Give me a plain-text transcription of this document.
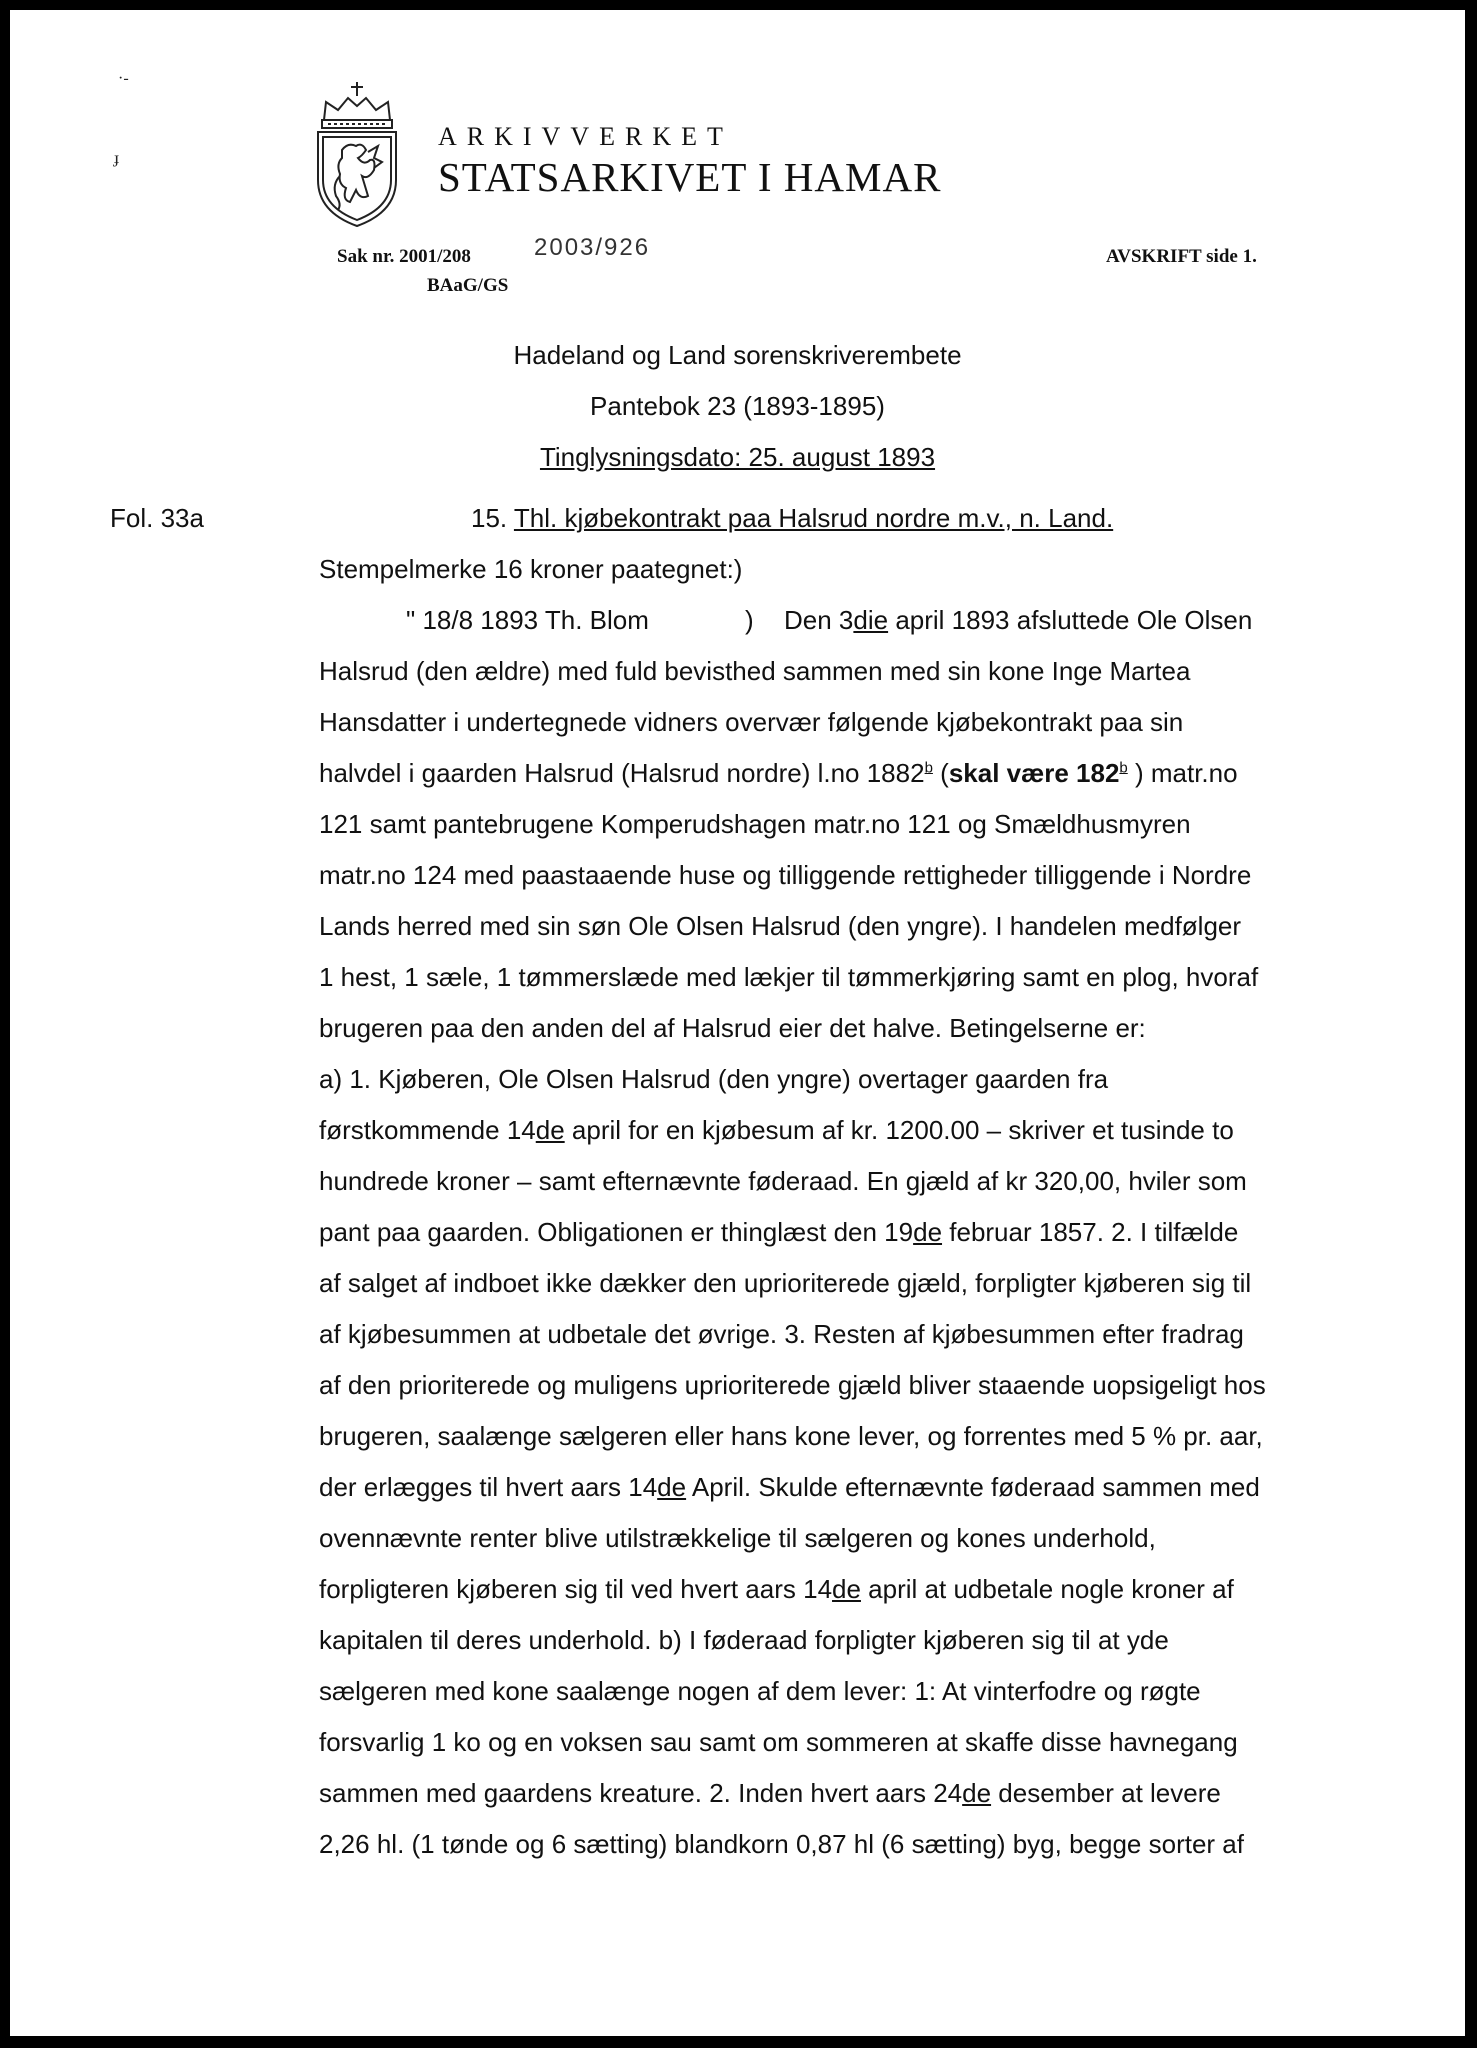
·-
ɟ
ARKIVVERKET
STATSARKIVET I HAMAR
Sak nr. 2001/208	2003/926
BAaG/GS
AVSKRIFT side 1.
Hadeland og Land sorenskriverembete
Pantebok 23 (1893-1895)
Tinglysningsdato: 25. august 1893
Fol. 33a	15. Thl. kjøbekontrakt paa Halsrud nordre m.v., n. Land.
Stempelmerke 16 kroner paategnet:)
" 18/8 1893 Th. Blom	) Den 3die april 1893 afsluttede Ole Olsen
Halsrud (den ældre) med fuld bevisthed sammen med sin kone Inge Martea
Hansdatter i undertegnede vidners overvær følgende kjøbekontrakt paa sin
halvdel i gaarden Halsrud (Halsrud nordre) l.no 1882$^b$ (skal være 182$^b$ ) matr.no
121 samt pantebrugene Komperudshagen matr.no 121 og Smældhusmyren
matr.no 124 med paastaaende huse og tilliggende rettigheder tilliggende i Nordre
Lands herred med sin søn Ole Olsen Halsrud (den yngre). I handelen medfølger
1 hest, 1 sæle, 1 tømmerslæde med lækjer til tømmerkjøring samt en plog, hvoraf
brugeren paa den anden del af Halsrud eier det halve. Betingelserne er:
a) 1. Kjøberen, Ole Olsen Halsrud (den yngre) overtager gaarden fra
førstkommende 14de april for en kjøbesum af kr. 1200.00 – skriver et tusinde to
hundrede kroner – samt efternævnte føderaad. En gjæld af kr 320,00, hviler som
pant paa gaarden. Obligationen er thinglæst den 19de februar 1857. 2. I tilfælde
af salget af indboet ikke dækker den uprioriterede gjæld, forpligter kjøberen sig til
af kjøbesummen at udbetale det øvrige. 3. Resten af kjøbesummen efter fradrag
af den prioriterede og muligens uprioriterede gjæld bliver staaende uopsigeligt hos
brugeren, saalænge sælgeren eller hans kone lever, og forrentes med 5 % pr. aar,
der erlægges til hvert aars 14de April. Skulde efternævnte føderaad sammen med
ovennævnte renter blive utilstrækkelige til sælgeren og kones underhold,
forpligteren kjøberen sig til ved hvert aars 14de april at udbetale nogle kroner af
kapitalen til deres underhold. b) I føderaad forpligter kjøberen sig til at yde
sælgeren med kone saalænge nogen af dem lever: 1: At vinterfodre og røgte
forsvarlig 1 ko og en voksen sau samt om sommeren at skaffe disse havnegang
sammen med gaardens kreature. 2. Inden hvert aars 24de desember at levere
2,26 hl. (1 tønde og 6 sætting) blandkorn 0,87 hl (6 sætting) byg, begge sorter af
